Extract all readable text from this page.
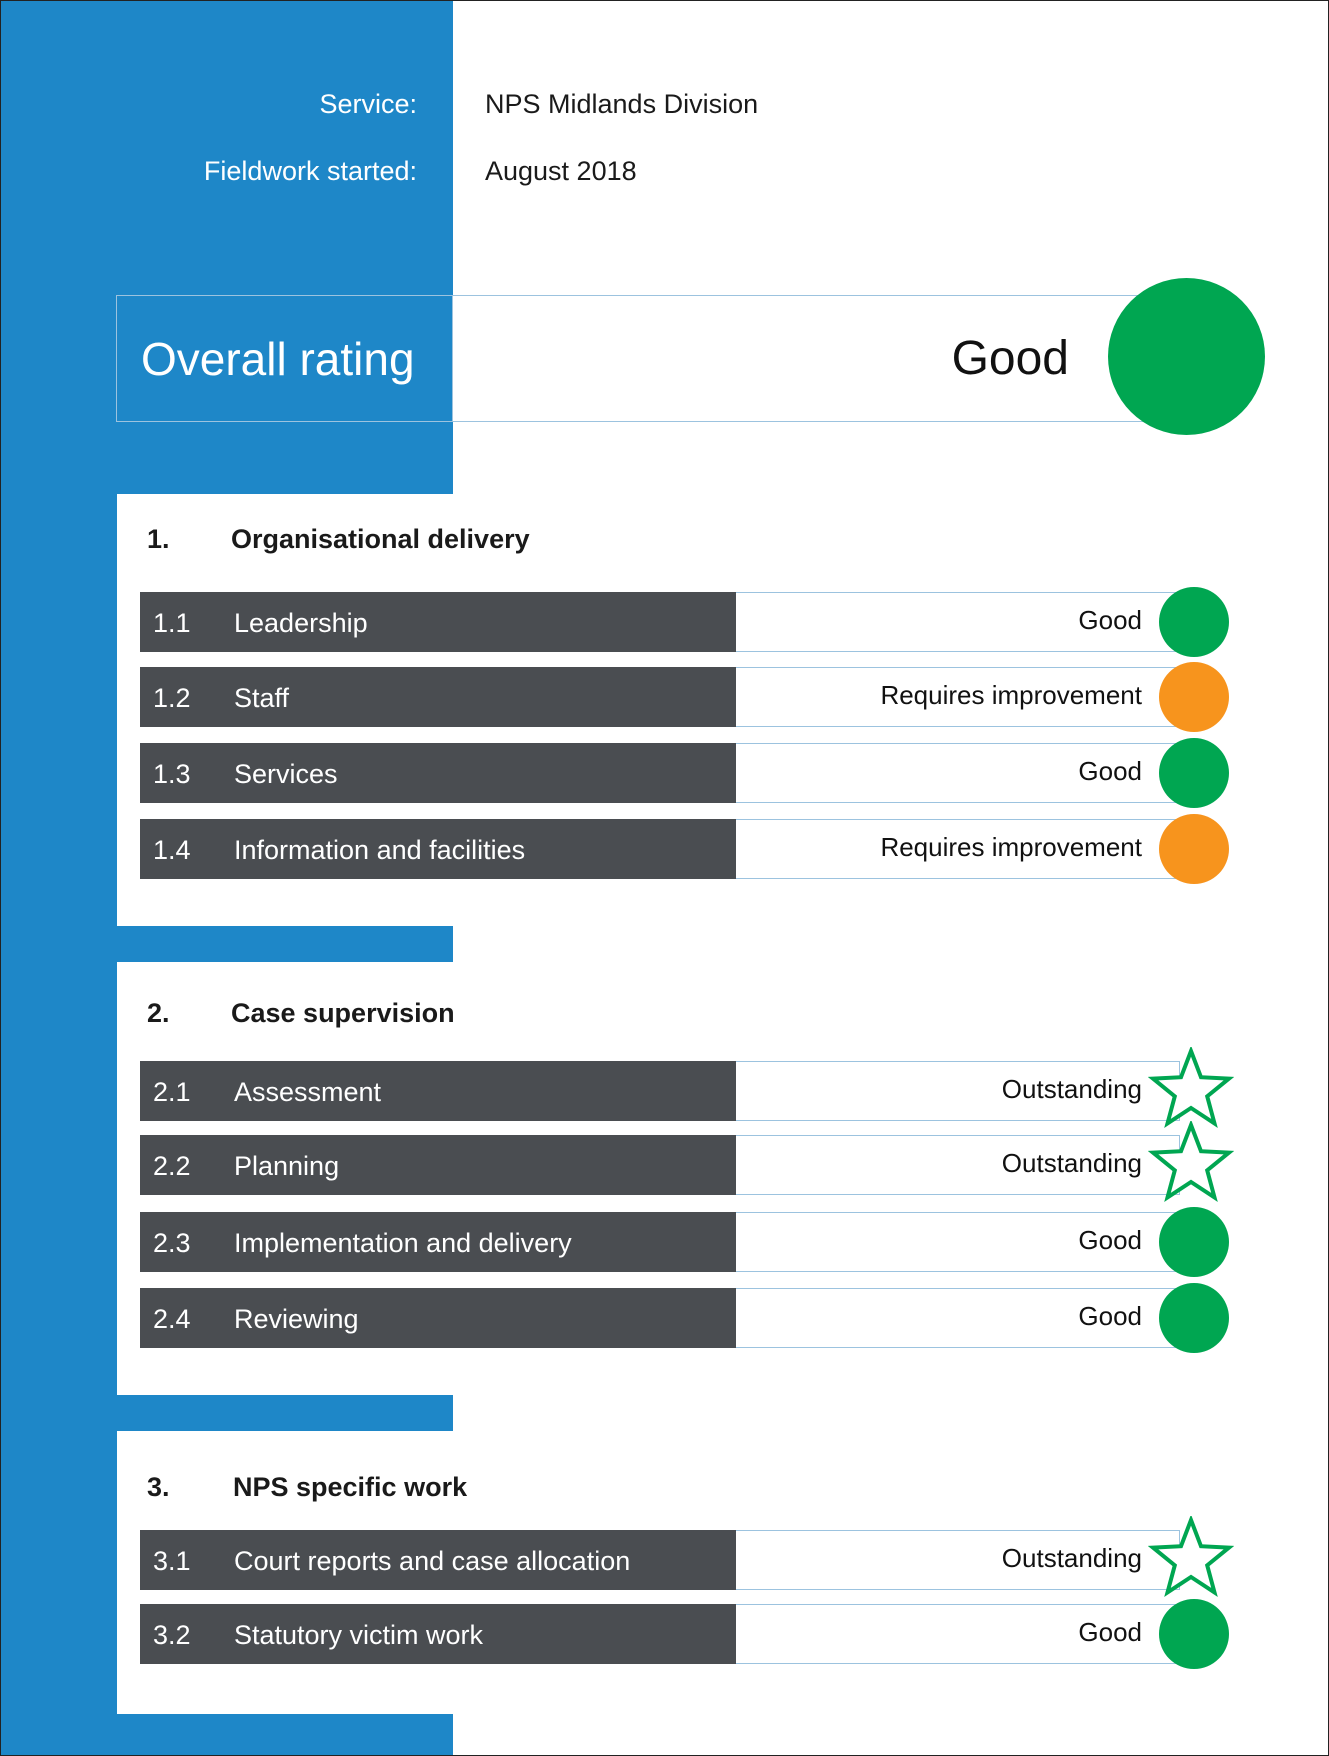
Service:	NPS Midlands Division
Fieldwork started:	August 2018
Overall rating	Good
1. Organisational delivery
1.1 Leadership	Good
1.2 Staff	Requires improvement
1.3 Services	Good
1.4 Information and facilities	Requires improvement
2. Case supervision
2.1 Assessment	Outstanding
2.2 Planning	Outstanding
2.3 Implementation and delivery	Good
2.4 Reviewing	Good
3. NPS specific work
3.1 Court reports and case allocation	Outstanding
3.2 Statutory victim work	Good
